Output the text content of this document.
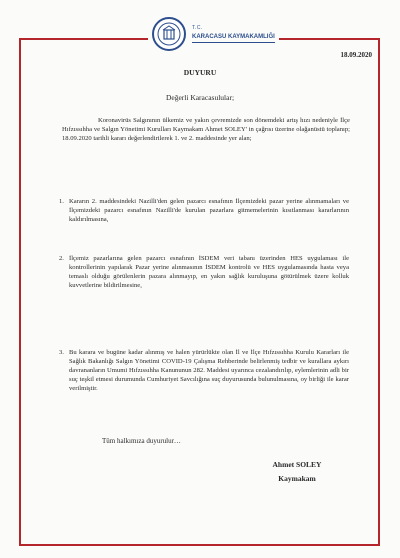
T.C.
KARACASU KAYMAKAMLIĞI
18.09.2020
DUYURU
Değerli Karacasulular;

Koronavirüs Salgınının ülkemiz ve yakın çevremizde son dönemdeki artış hızı nedeniyle İlçe Hıfzıssıhha ve Salgın Yönetimi Kurulları Kaymakam Ahmet SOLEY' in çağrısı üzerine olağanüstü toplanıp; 18.09.2020 tarihli kararı değerlendirilerek 1. ve 2. maddesinde yer alan;

1. Kararın 2. maddesindeki Nazilli'den gelen pazarcı esnafının İlçemizdeki pazar yerine alınmamaları ve İlçemizdeki pazarcı esnafının Nazilli'de kurulan pazarlara gitmemelerinin kısıtlanması kararlarının kaldırılmasına,
2. İlçemiz pazarlarına gelen pazarcı esnafının İSDEM veri tabanı üzerinden HES uygulaması ile kontrollerinin yapılarak Pazar yerine alınmasının İSDEM kontrolü ve HES uygulamasında hasta veya temaslı olduğu görülenlerin pazara alınmayıp, en yakın sağlık kuruluşuna götürülmek üzere kolluk kuvvetlerine bildirilmesine,
3. Bu karara ve bugüne kadar alınmış ve halen yürürlükte olan İl ve İlçe Hıfzıssıhha Kurulu Kararları ile Sağlık Bakanlığı Salgın Yönetimi COVID-19 Çalışma Rehberinde belirlenmiş tedbir ve kurallara aykırı davrananların Umumi Hıfzıssıhha Kanununun 282. Maddesi uyarınca cezalandırılıp, eylemlerinin adli bir suç teşkil etmesi durumunda Cumhuriyet Savcılığına suç duyurusunda bulunulmasına, oy birliği ile karar verilmiştir.
Tüm halkımıza duyurulur…
Ahmet SOLEY
Kaymakam
